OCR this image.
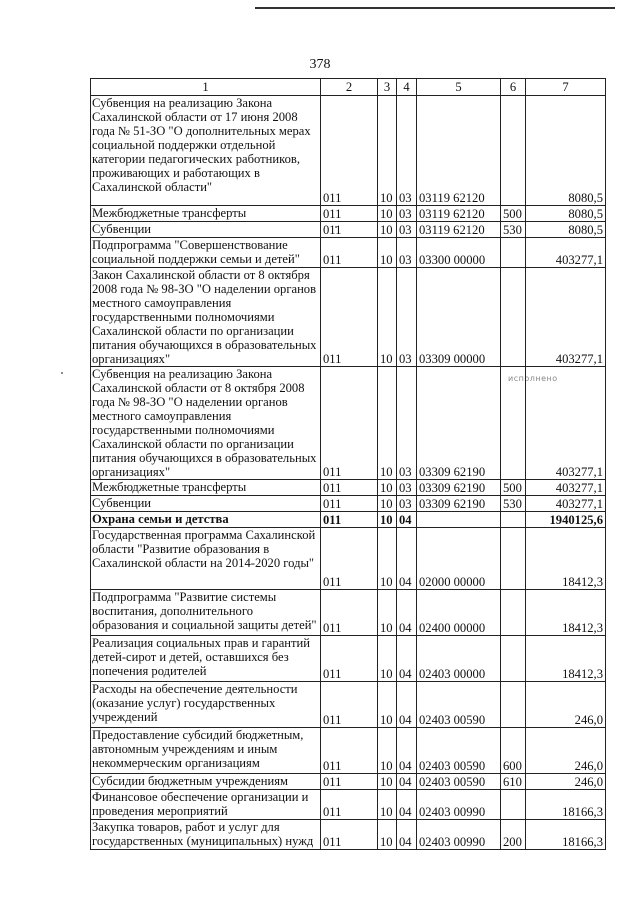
378
исполнено
1	2	3	4	5	6	7
Субвенция на реализацию Закона Сахалинской области от 17 июня 2008 года № 51-ЗО "О дополнительных мерах социальной поддержки отдельной категории педагогических работников, проживающих и работающих в Сахалинской области"	011	10	03	03119 62120		8080,5
Межбюджетные трансферты	011	10	03	03119 62120	500	8080,5
Субвенции	011	10	03	03119 62120	530	8080,5
Подпрограмма "Совершенствование социальной поддержки семьи и детей"	011	10	03	03300 00000		403277,1
Закон Сахалинской области от 8 октября 2008 года № 98-ЗО "О наделении органов местного самоуправления государственными полномочиями Сахалинской области по организации питания обучающихся в образовательных организациях"	011	10	03	03309 00000		403277,1
Субвенция на реализацию Закона Сахалинской области от 8 октября 2008 года № 98-ЗО "О наделении органов местного самоуправления государственными полномочиями Сахалинской области по организации питания обучающихся в образовательных организациях"	011	10	03	03309 62190		403277,1
Межбюджетные трансферты	011	10	03	03309 62190	500	403277,1
Субвенции	011	10	03	03309 62190	530	403277,1
Охрана семьи и детства	011	10	04			1940125,6
Государственная программа Сахалинской области "Развитие образования в Сахалинской области на 2014-2020 годы"	011	10	04	02000 00000		18412,3
Подпрограмма "Развитие системы воспитания, дополнительного образования и социальной защиты детей"	011	10	04	02400 00000		18412,3
Реализация социальных прав и гарантий детей-сирот и детей, оставшихся без попечения родителей	011	10	04	02403 00000		18412,3
Расходы на обеспечение деятельности (оказание услуг) государственных учреждений	011	10	04	02403 00590		246,0
Предоставление субсидий бюджетным, автономным учреждениям и иным некоммерческим организациям	011	10	04	02403 00590	600	246,0
Субсидии бюджетным учреждениям	011	10	04	02403 00590	610	246,0
Финансовое обеспечение организации и проведения мероприятий	011	10	04	02403 00990		18166,3
Закупка товаров, работ и услуг для государственных (муниципальных) нужд	011	10	04	02403 00990	200	18166,3
